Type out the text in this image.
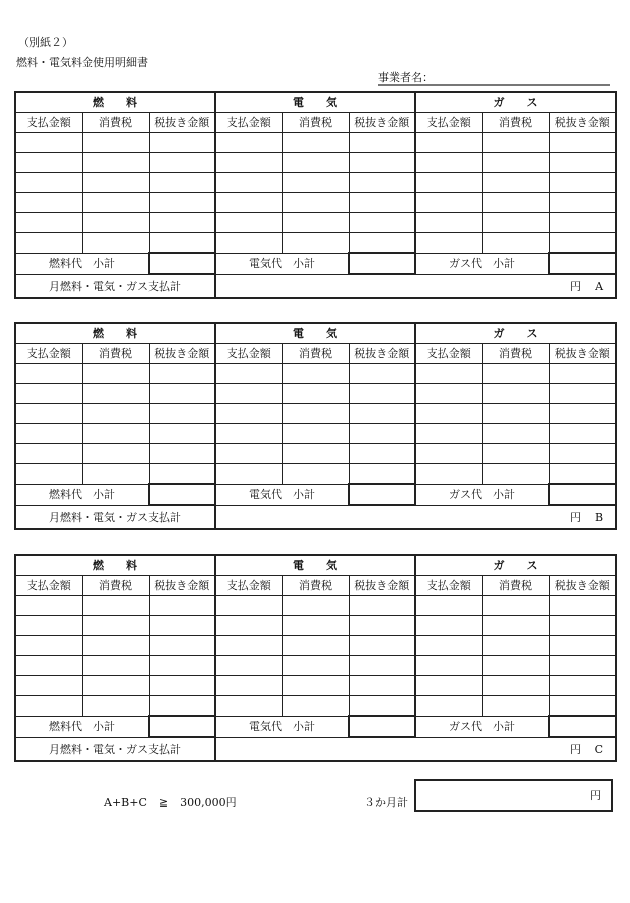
（別紙２）
燃料・電気料金使用明細書
事業者名：
燃料			電気			ガス		
支払金額	消費税	税抜き金額	支払金額	消費税	税抜き金額	支払金額	消費税	税抜き金額

燃料代　小計			電気代　小計			ガス代　小計		
月燃料・電気・ガス支払計			円 A					
燃料			電気			ガス		
支払金額	消費税	税抜き金額	支払金額	消費税	税抜き金額	支払金額	消費税	税抜き金額

燃料代　小計			電気代　小計			ガス代　小計		
月燃料・電気・ガス支払計			円 B					
燃料			電気			ガス		
支払金額	消費税	税抜き金額	支払金額	消費税	税抜き金額	支払金額	消費税	税抜き金額

燃料代　小計			電気代　小計			ガス代　小計		
月燃料・電気・ガス支払計			円 C					
A+B+C ≧ 300,000円	３か月計
円
